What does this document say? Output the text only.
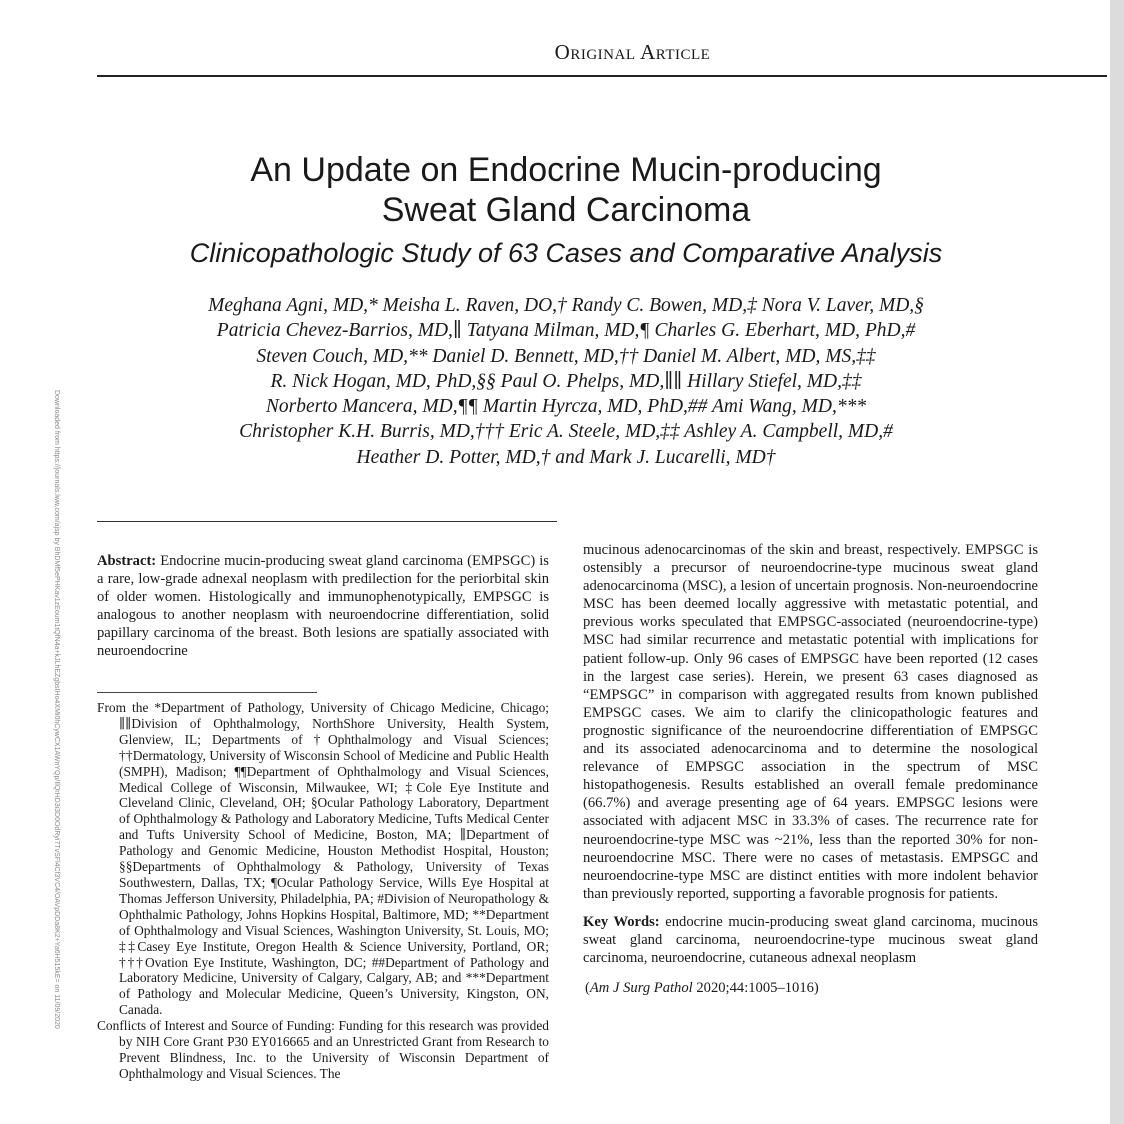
Original Article
An Update on Endocrine Mucin-producing
Sweat Gland Carcinoma
Clinicopathologic Study of 63 Cases and Comparative Analysis
Meghana Agni, MD,* Meisha L. Raven, DO,† Randy C. Bowen, MD,‡ Nora V. Laver, MD,§
Patricia Chevez-Barrios, MD,∥ Tatyana Milman, MD,¶ Charles G. Eberhart, MD, PhD,#
Steven Couch, MD,** Daniel D. Bennett, MD,†† Daniel M. Albert, MD, MS,‡‡
R. Nick Hogan, MD, PhD,§§ Paul O. Phelps, MD,∥∥ Hillary Stiefel, MD,‡‡
Norberto Mancera, MD,¶¶ Martin Hyrcza, MD, PhD,## Ami Wang, MD,***
Christopher K.H. Burris, MD,††† Eric A. Steele, MD,‡‡ Ashley A. Campbell, MD,#
Heather D. Potter, MD,† and Mark J. Lucarelli, MD†
Downloaded from https://journals.lww.com/ajsp by BhDMf5ePHKav1zEoum1tQfN4a+kJLhEZgbsIHo4XMi0hCywCX1AWnYQp/IlQrHD3i3D0OdRyi7TvSFl4Cf3VC4/OAVpDDa8K2+Ya6H515kE= on 11/09/2020	Abstract: Endocrine mucin-producing sweat gland carcinoma (EMPSGC) is a rare, low-grade adnexal neoplasm with predilection for the periorbital skin of older women. Histologically and immunophenotypically, EMPSGC is analogous to another neoplasm with neuroendocrine differentiation, solid papillary carcinoma of the breast. Both lesions are spatially associated with neuroendocrine

From the *Department of Pathology, University of Chicago Medicine, Chicago; ∥∥Division of Ophthalmology, NorthShore University, Health System, Glenview, IL; Departments of †Ophthalmology and Visual Sciences; ††Dermatology, University of Wisconsin School of Medicine and Public Health (SMPH), Madison; ¶¶Department of Ophthalmology and Visual Sciences, Medical College of Wisconsin, Milwaukee, WI; ‡Cole Eye Institute and Cleveland Clinic, Cleveland, OH; §Ocular Pathology Laboratory, Department of Ophthalmology & Pathology and Laboratory Medicine, Tufts Medical Center and Tufts University School of Medicine, Boston, MA; ∥Department of Pathology and Genomic Medicine, Houston Methodist Hospital, Houston; §§Departments of Ophthalmology & Pathology, University of Texas Southwestern, Dallas, TX; ¶Ocular Pathology Service, Wills Eye Hospital at Thomas Jefferson University, Philadelphia, PA; #Division of Neuropathology & Ophthalmic Pathology, Johns Hopkins Hospital, Baltimore, MD; **Department of Ophthalmology and Visual Sciences, Washington University, St. Louis, MO; ‡‡Casey Eye Institute, Oregon Health & Science University, Portland, OR; †††Ovation Eye Institute, Washington, DC; ##Department of Pathology and Laboratory Medicine, University of Calgary, Calgary, AB; and ***Department of Pathology and Molecular Medicine, Queen’s University, Kingston, ON, Canada.

Conflicts of Interest and Source of Funding: Funding for this research was provided by NIH Core Grant P30 EY016665 and an Unrestricted Grant from Research to Prevent Blindness, Inc. to the University of Wisconsin Department of Ophthalmology and Visual Sciences. The

mucinous adenocarcinomas of the skin and breast, respectively. EMPSGC is ostensibly a precursor of neuroendocrine-type mucinous sweat gland adenocarcinoma (MSC), a lesion of uncertain prognosis. Non-neuroendocrine MSC has been deemed locally aggressive with metastatic potential, and previous works speculated that EMPSGC-associated (neuroendocrine-type) MSC had similar recurrence and metastatic potential with implications for patient follow-up. Only 96 cases of EMPSGC have been reported (12 cases in the largest case series). Herein, we present 63 cases diagnosed as “EMPSGC” in comparison with aggregated results from known published EMPSGC cases. We aim to clarify the clinicopathologic features and prognostic significance of the neuroendocrine differentiation of EMPSGC and its associated adenocarcinoma and to determine the nosological relevance of EMPSGC association in the spectrum of MSC histopathogenesis. Results established an overall female predominance (66.7%) and average presenting age of 64 years. EMPSGC lesions were associated with adjacent MSC in 33.3% of cases. The recurrence rate for neuroendocrine-type MSC was ~21%, less than the reported 30% for non-neuroendocrine MSC. There were no cases of metastasis. EMPSGC and neuroendocrine-type MSC are distinct entities with more indolent behavior than previously reported, supporting a favorable prognosis for patients.

Key Words: endocrine mucin-producing sweat gland carcinoma, mucinous sweat gland carcinoma, neuroendocrine-type mucinous sweat gland carcinoma, neuroendocrine, cutaneous adnexal neoplasm

(Am J Surg Pathol 2020;44:1005–1016)
